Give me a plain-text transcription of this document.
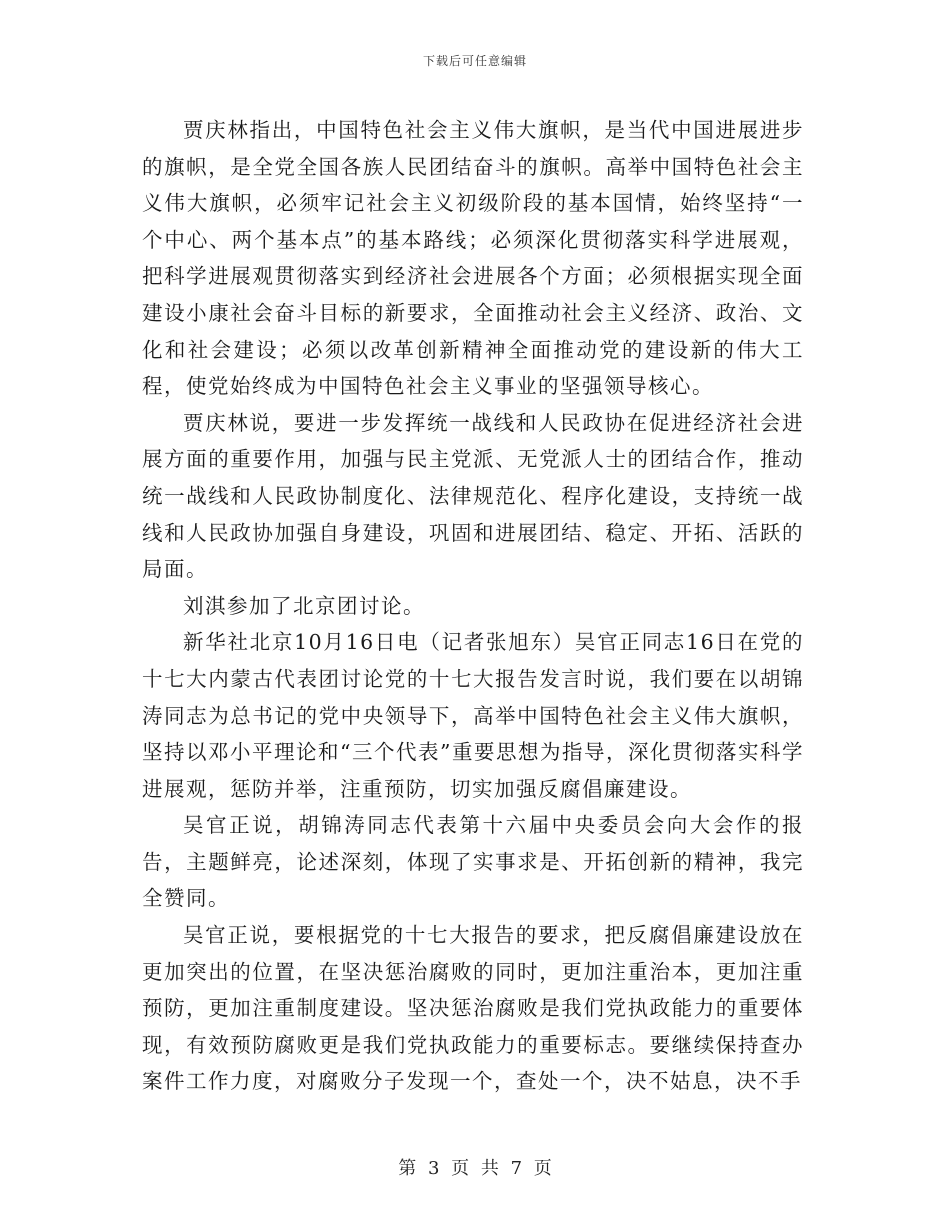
下载后可任意编辑

贾庆林指出，中国特色社会主义伟大旗帜，是当代中国进展进步的旗帜，是全党全国各族人民团结奋斗的旗帜。高举中国特色社会主义伟大旗帜，必须牢记社会主义初级阶段的基本国情，始终坚持“一个中心、两个基本点”的基本路线；必须深化贯彻落实科学进展观，把科学进展观贯彻落实到经济社会进展各个方面；必须根据实现全面建设小康社会奋斗目标的新要求，全面推动社会主义经济、政治、文化和社会建设；必须以改革创新精神全面推动党的建设新的伟大工程，使党始终成为中国特色社会主义事业的坚强领导核心。

贾庆林说，要进一步发挥统一战线和人民政协在促进经济社会进展方面的重要作用，加强与民主党派、无党派人士的团结合作，推动统一战线和人民政协制度化、法律规范化、程序化建设，支持统一战线和人民政协加强自身建设，巩固和进展团结、稳定、开拓、活跃的局面。

刘淇参加了北京团讨论。

新华社北京10月16日电（记者张旭东）吴官正同志16日在党的十七大内蒙古代表团讨论党的十七大报告发言时说，我们要在以胡锦涛同志为总书记的党中央领导下，高举中国特色社会主义伟大旗帜，坚持以邓小平理论和“三个代表”重要思想为指导，深化贯彻落实科学进展观，惩防并举，注重预防，切实加强反腐倡廉建设。

吴官正说，胡锦涛同志代表第十六届中央委员会向大会作的报告，主题鲜亮，论述深刻，体现了实事求是、开拓创新的精神，我完全赞同。

吴官正说，要根据党的十七大报告的要求，把反腐倡廉建设放在更加突出的位置，在坚决惩治腐败的同时，更加注重治本，更加注重预防，更加注重制度建设。坚决惩治腐败是我们党执政能力的重要体现，有效预防腐败更是我们党执政能力的重要标志。要继续保持查办案件工作力度，对腐败分子发现一个，查处一个，决不姑息，决不手

第 3 页 共 7 页
